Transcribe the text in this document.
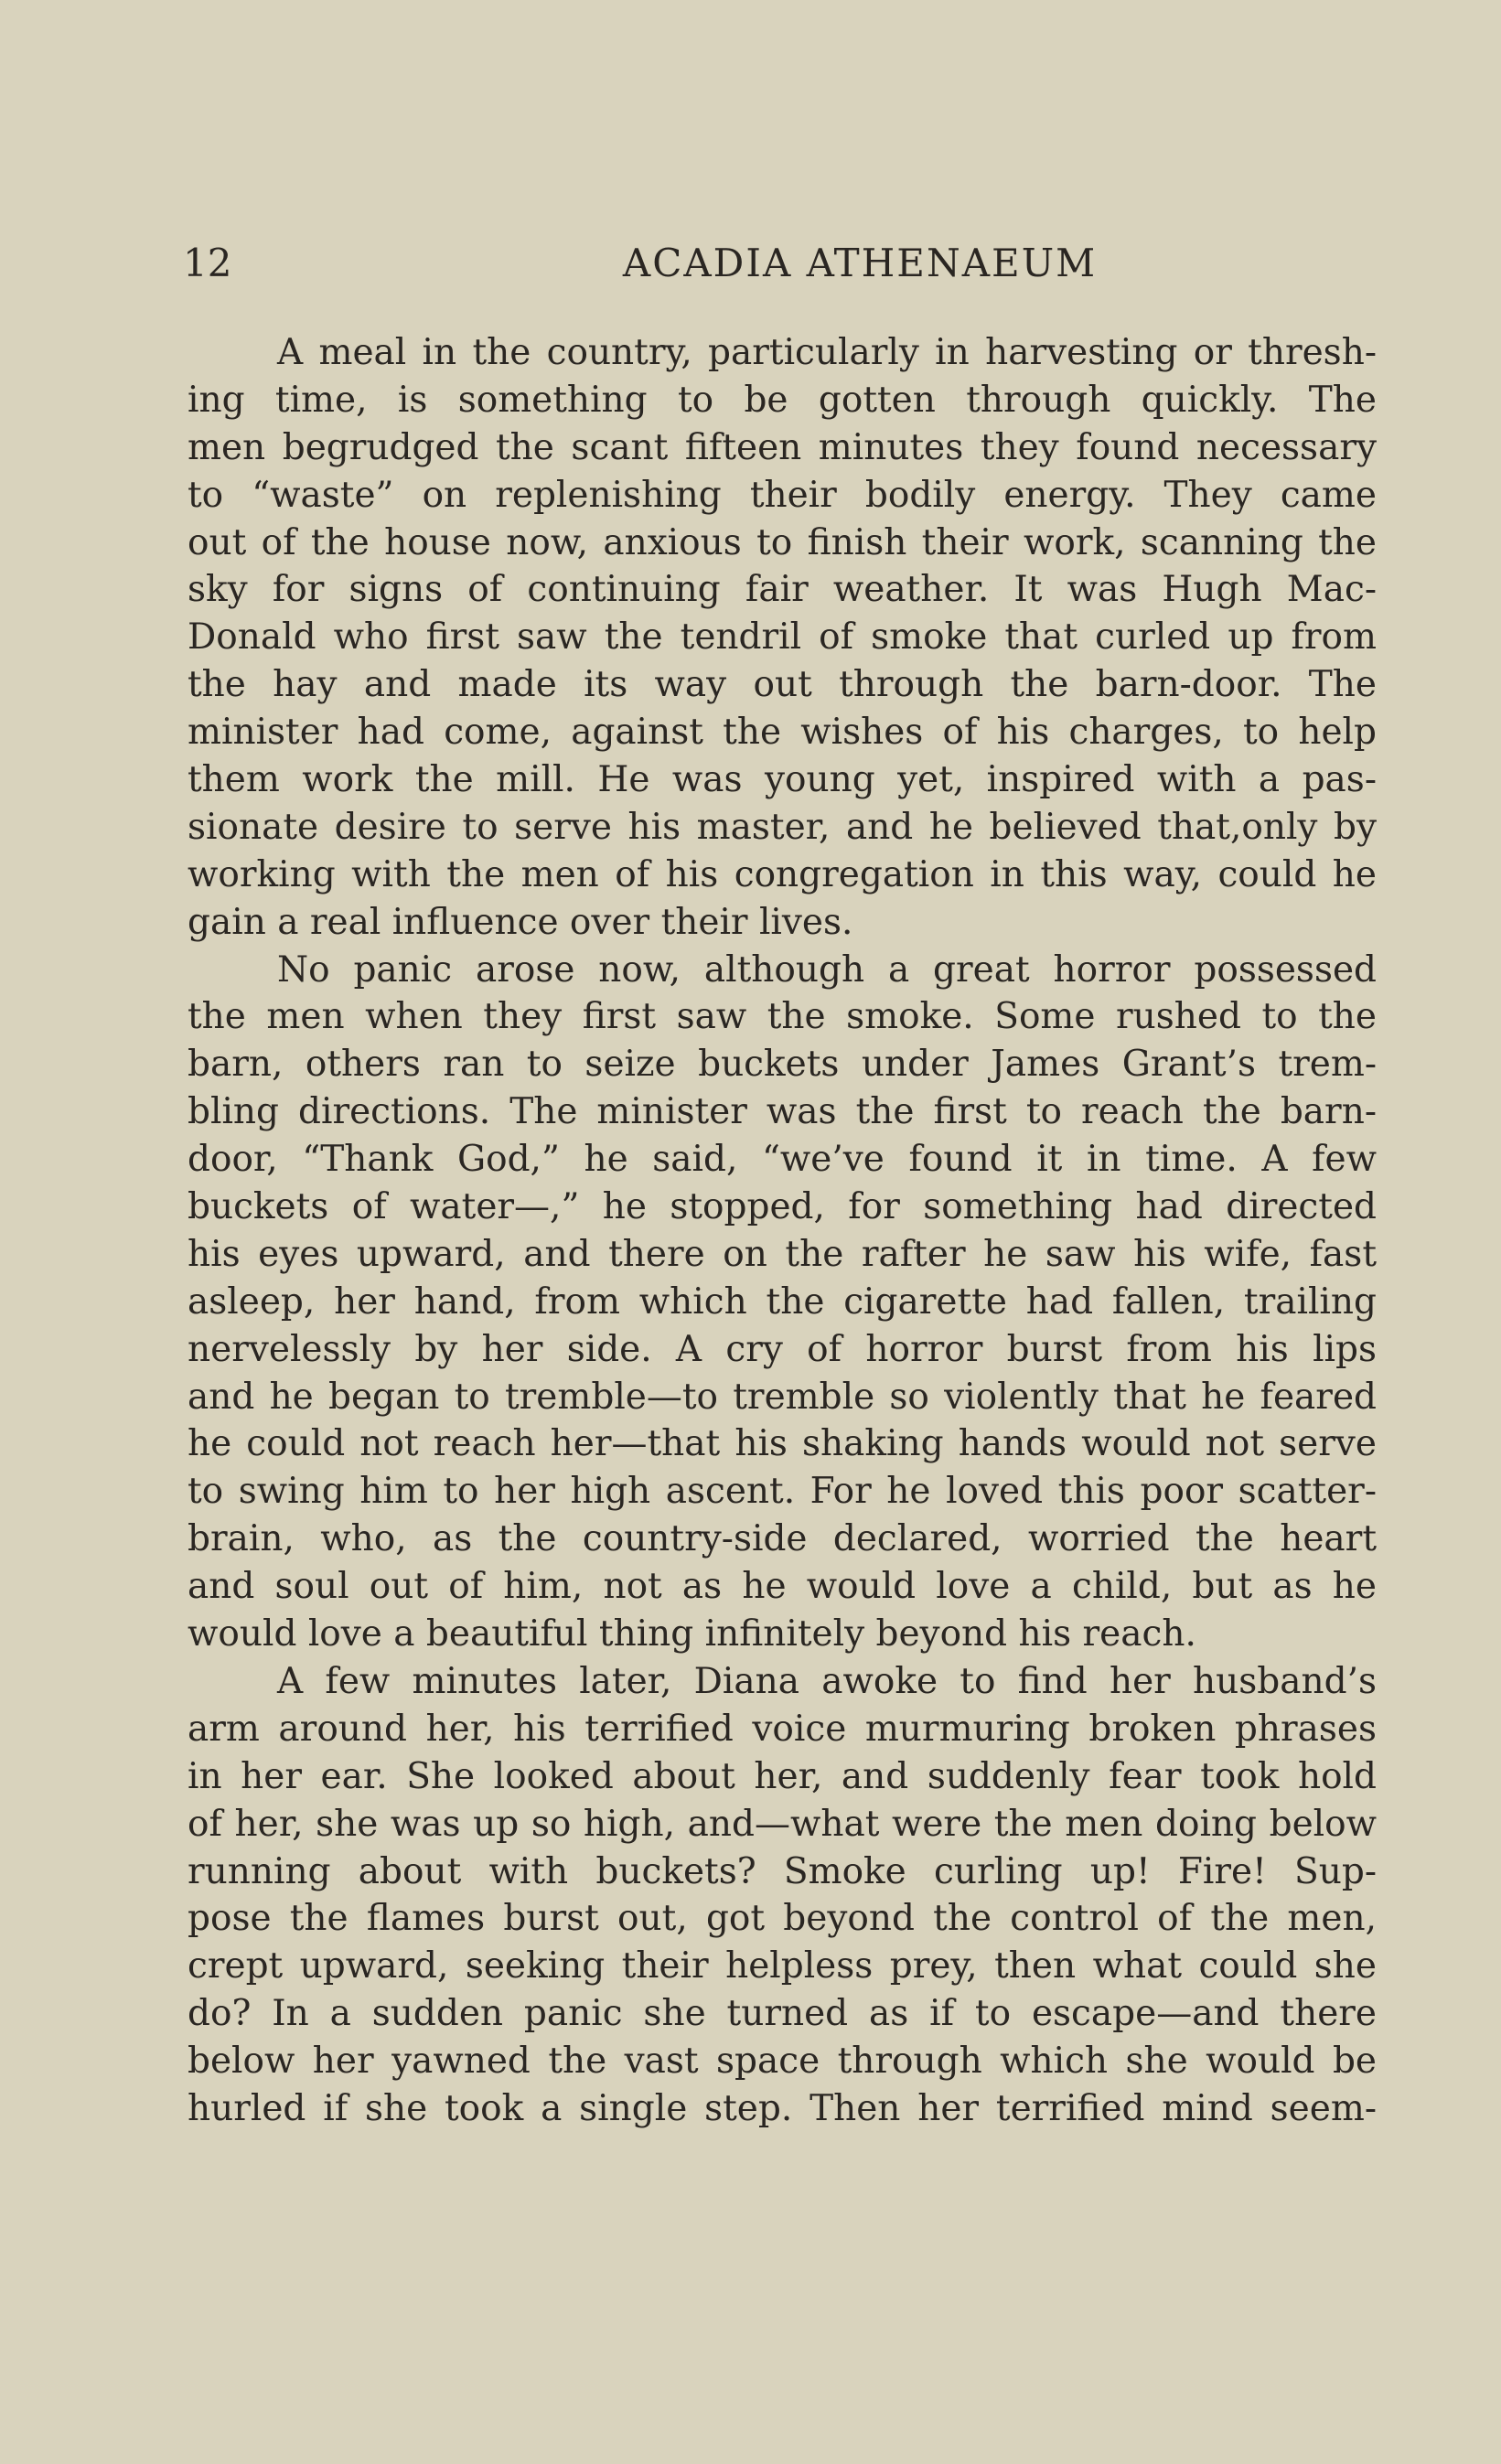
12	ACADIA ATHENAEUM
A meal in the country, particularly in harvesting or thresh-
ing time, is something to be gotten through quickly. The
men begrudged the scant fifteen minutes they found necessary
to “waste” on replenishing their bodily energy. They came
out of the house now, anxious to finish their work, scanning the
sky for signs of continuing fair weather. It was Hugh Mac-
Donald who first saw the tendril of smoke that curled up from
the hay and made its way out through the barn-door. The
minister had come, against the wishes of his charges, to help
them work the mill. He was young yet, inspired with a pas-
sionate desire to serve his master, and he believed that,only by
working with the men of his congregation in this way, could he
gain a real influence over their lives.
No panic arose now, although a great horror possessed
the men when they first saw the smoke. Some rushed to the
barn, others ran to seize buckets under James Grant’s trem-
bling directions. The minister was the first to reach the barn-
door, “Thank God,” he said, “we’ve found it in time. A few
buckets of water—,” he stopped, for something had directed
his eyes upward, and there on the rafter he saw his wife, fast
asleep, her hand, from which the cigarette had fallen, trailing
nervelessly by her side. A cry of horror burst from his lips
and he began to tremble—to tremble so violently that he feared
he could not reach her—that his shaking hands would not serve
to swing him to her high ascent. For he loved this poor scatter-
brain, who, as the country-side declared, worried the heart
and soul out of him, not as he would love a child, but as he
would love a beautiful thing infinitely beyond his reach.
A few minutes later, Diana awoke to find her husband’s
arm around her, his terrified voice murmuring broken phrases
in her ear. She looked about her, and suddenly fear took hold
of her, she was up so high, and—what were the men doing below
running about with buckets? Smoke curling up! Fire! Sup-
pose the flames burst out, got beyond the control of the men,
crept upward, seeking their helpless prey, then what could she
do? In a sudden panic she turned as if to escape—and there
below her yawned the vast space through which she would be
hurled if she took a single step. Then her terrified mind seem-
